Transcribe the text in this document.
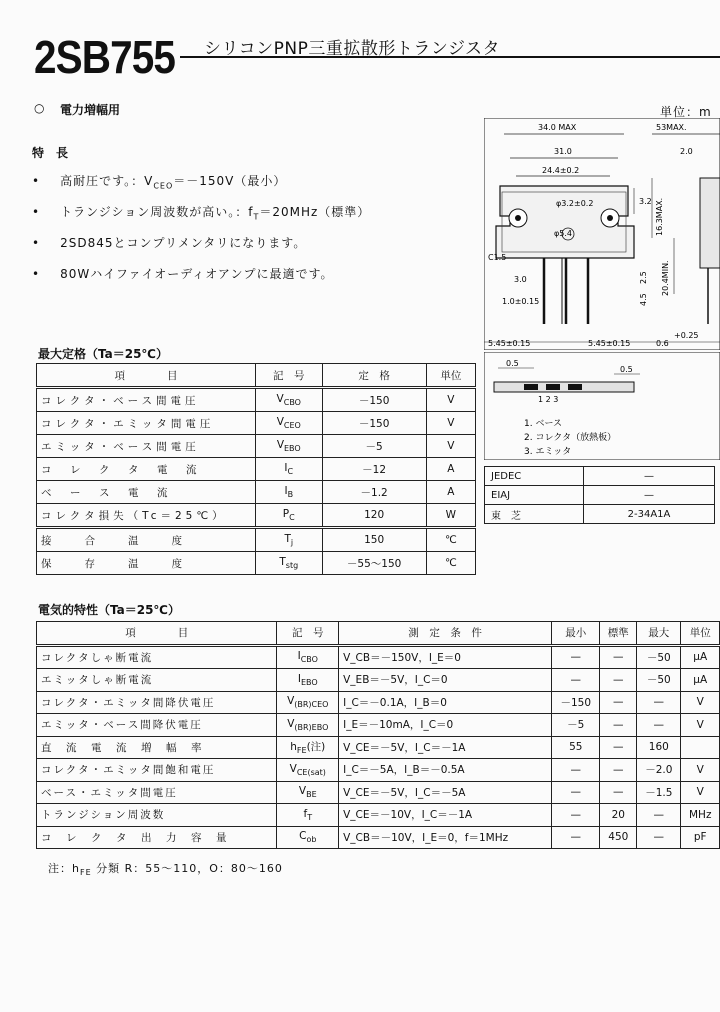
2SB755 シリコンPNP三重拡散形トランジスタ
○ 電力増幅用	単位：m
特　長
• 高耐圧です。：$V_{CEO}=-150V$（最小）
• トランジション周波数が高い。：$f_T=20MHz$（標準）
• 2SD845とコンプリメンタリになります。
• 80Wハイファイオーディオアンプに最適です。
最大定格（Ta＝25℃）
項　　　　目	記　号	定　格	単位
コレクタ・ベース間電圧	$V_{CBO}$	－150	V
コレクタ・エミッタ間電圧	$V_{CEO}$	－150	V
エミッタ・ベース間電圧	$V_{EBO}$	－5	V
コ　レ　ク　タ　電　流	$I_C$	－12	A
ベ　ー　ス　電　流	$I_B$	－1.2	A
コレクタ損失（Tc＝25℃）	$P_C$	120	W
接　　合　　温　　度	$T_j$	150	℃
保　　存　　温　　度	$T_{stg}$	－55～150	℃
34.0 MAX	53MAX.
2.0
31.0
24.4±0.2
φ3.2±0.2
φ5.4
C1.5
3.0
1.0±0.15
3.2
5.45±0.15	5.45±0.15	0.6
+0.25
16.3MAX.
20.4MIN.
2.5
4.5
0.5
0.5
1 2 3
1. ベース
2. コレクタ（放熱板）
3. エミッタ
JEDEC	—
EIAJ	—
東　芝	2-34A1A
電気的特性（Ta＝25℃）
項　　　　目	記　号	測　定　条　件	最小	標準	最大	単位
コレクタしゃ断電流	$I_{CBO}$	V_CB＝－150V，I_E＝0	—	—	－50	μA
エミッタしゃ断電流	$I_{EBO}$	V_EB＝－5V，I_C＝0	—	—	－50	μA
コレクタ・エミッタ間降伏電圧	$V_{(BR)CEO}$	I_C＝－0.1A，I_B＝0	－150	—	—	V
エミッタ・ベース間降伏電圧	$V_{(BR)EBO}$	I_E＝－10mA，I_C＝0	－5	—	—	V
直　流　電　流　増　幅　率	$h_{FE}$(注)	V_CE＝－5V，I_C＝－1A	55	—	160	
コレクタ・エミッタ間飽和電圧	$V_{CE(sat)}$	I_C＝－5A，I_B＝－0.5A	—	—	－2.0	V
ベース・エミッタ間電圧	$V_{BE}$	V_CE＝－5V，I_C＝－5A	—	—	－1.5	V
トランジション周波数	$f_T$	V_CE＝－10V，I_C＝－1A	—	20	—	MHz
コ　レ　ク　タ　出　力　容　量	$C_{ob}$	V_CB＝－10V，I_E＝0，f＝1MHz	—	450	—	pF
注：$h_{FE}$ 分類 R：55～110，O：80～160
